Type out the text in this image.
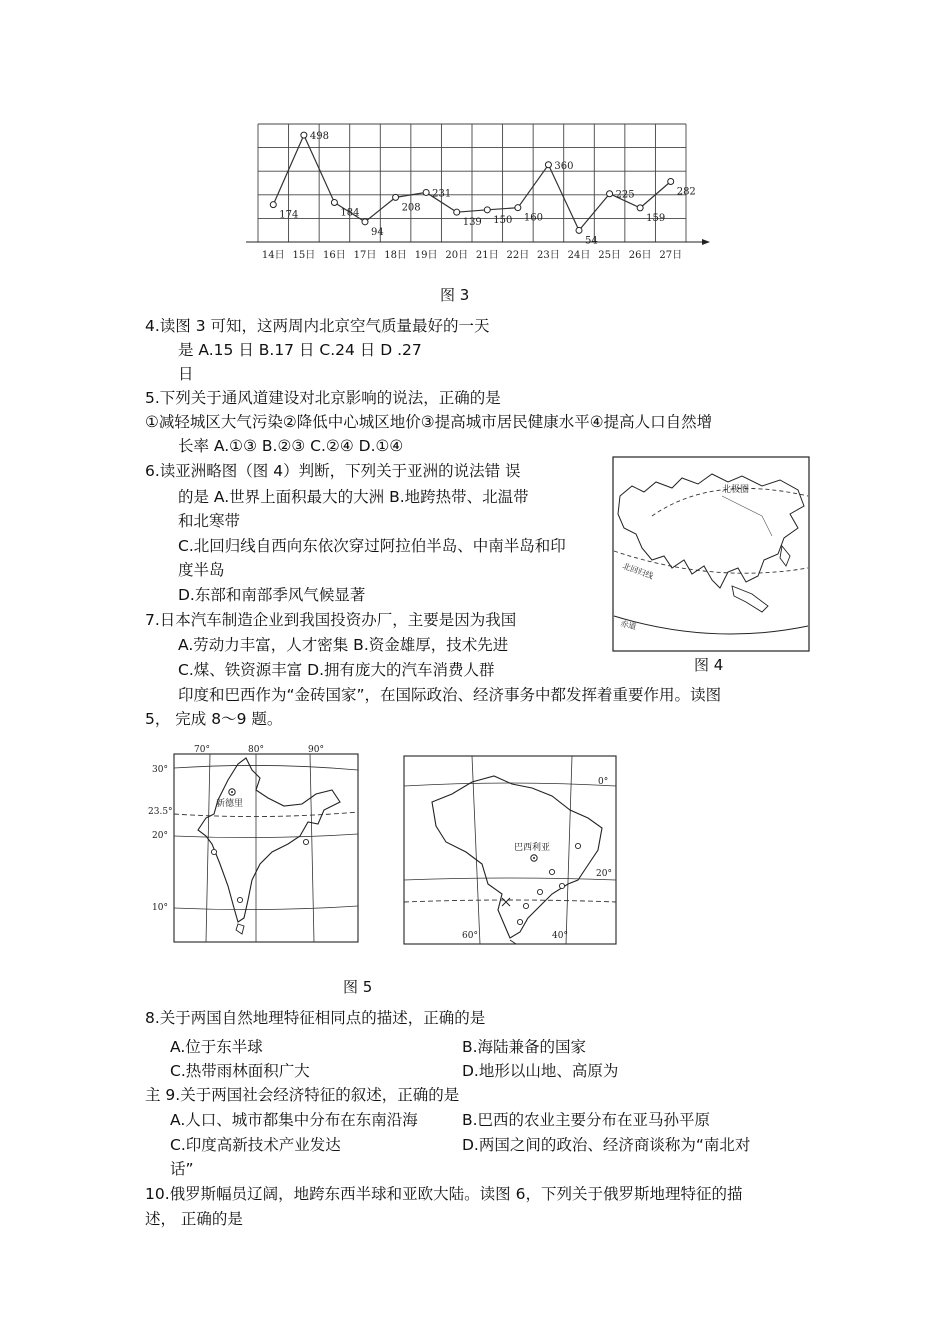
174
498
184
94
208
231
139 150 160
360
54
225
159
282
14日 15日 16日 17日 18日 19日 20日 21日 22日 23日 24日 25日 26日 27日
图 3
4.读图 3 可知，这两周内北京空气质量最好的一天
是 A.15 日 B.17 日 C.24 日 D .27
日
5.下列关于通风道建设对北京影响的说法，正确的是
①减轻城区大气污染②降低中心城区地价③提高城市居民健康水平④提高人口自然增
长率 A.①③ B.②③ C.②④ D.①④
6.读亚洲略图（图 4）判断，下列关于亚洲的说法错 误
的是 A.世界上面积最大的大洲 B.地跨热带、北温带
和北寒带
C.北回归线自西向东依次穿过阿拉伯半岛、中南半岛和印
度半岛
D.东部和南部季风气候显著
北极圈
北回归线
赤道
7.日本汽车制造企业到我国投资办厂，主要是因为我国
A.劳动力丰富，人才密集 B.资金雄厚，技术先进
C.煤、铁资源丰富 D.拥有庞大的汽车消费人群	图 4
印度和巴西作为“金砖国家”，在国际政治、经济事务中都发挥着重要作用。读图
5， 完成 8～9 题。
新德里
70°	80°	90°
30°
23.5°
20°
10°
巴西利亚
0°
20°
60°	40°
图 5
8.关于两国自然地理特征相同点的描述，正确的是
A.位于东半球	B.海陆兼备的国家
C.热带雨林面积广大	D.地形以山地、高原为
主 9.关于两国社会经济特征的叙述，正确的是
A.人口、城市都集中分布在东南沿海	B.巴西的农业主要分布在亚马孙平原
C.印度高新技术产业发达	D.两国之间的政治、经济商谈称为“南北对
话”
10.俄罗斯幅员辽阔，地跨东西半球和亚欧大陆。读图 6，下列关于俄罗斯地理特征的描
述， 正确的是
